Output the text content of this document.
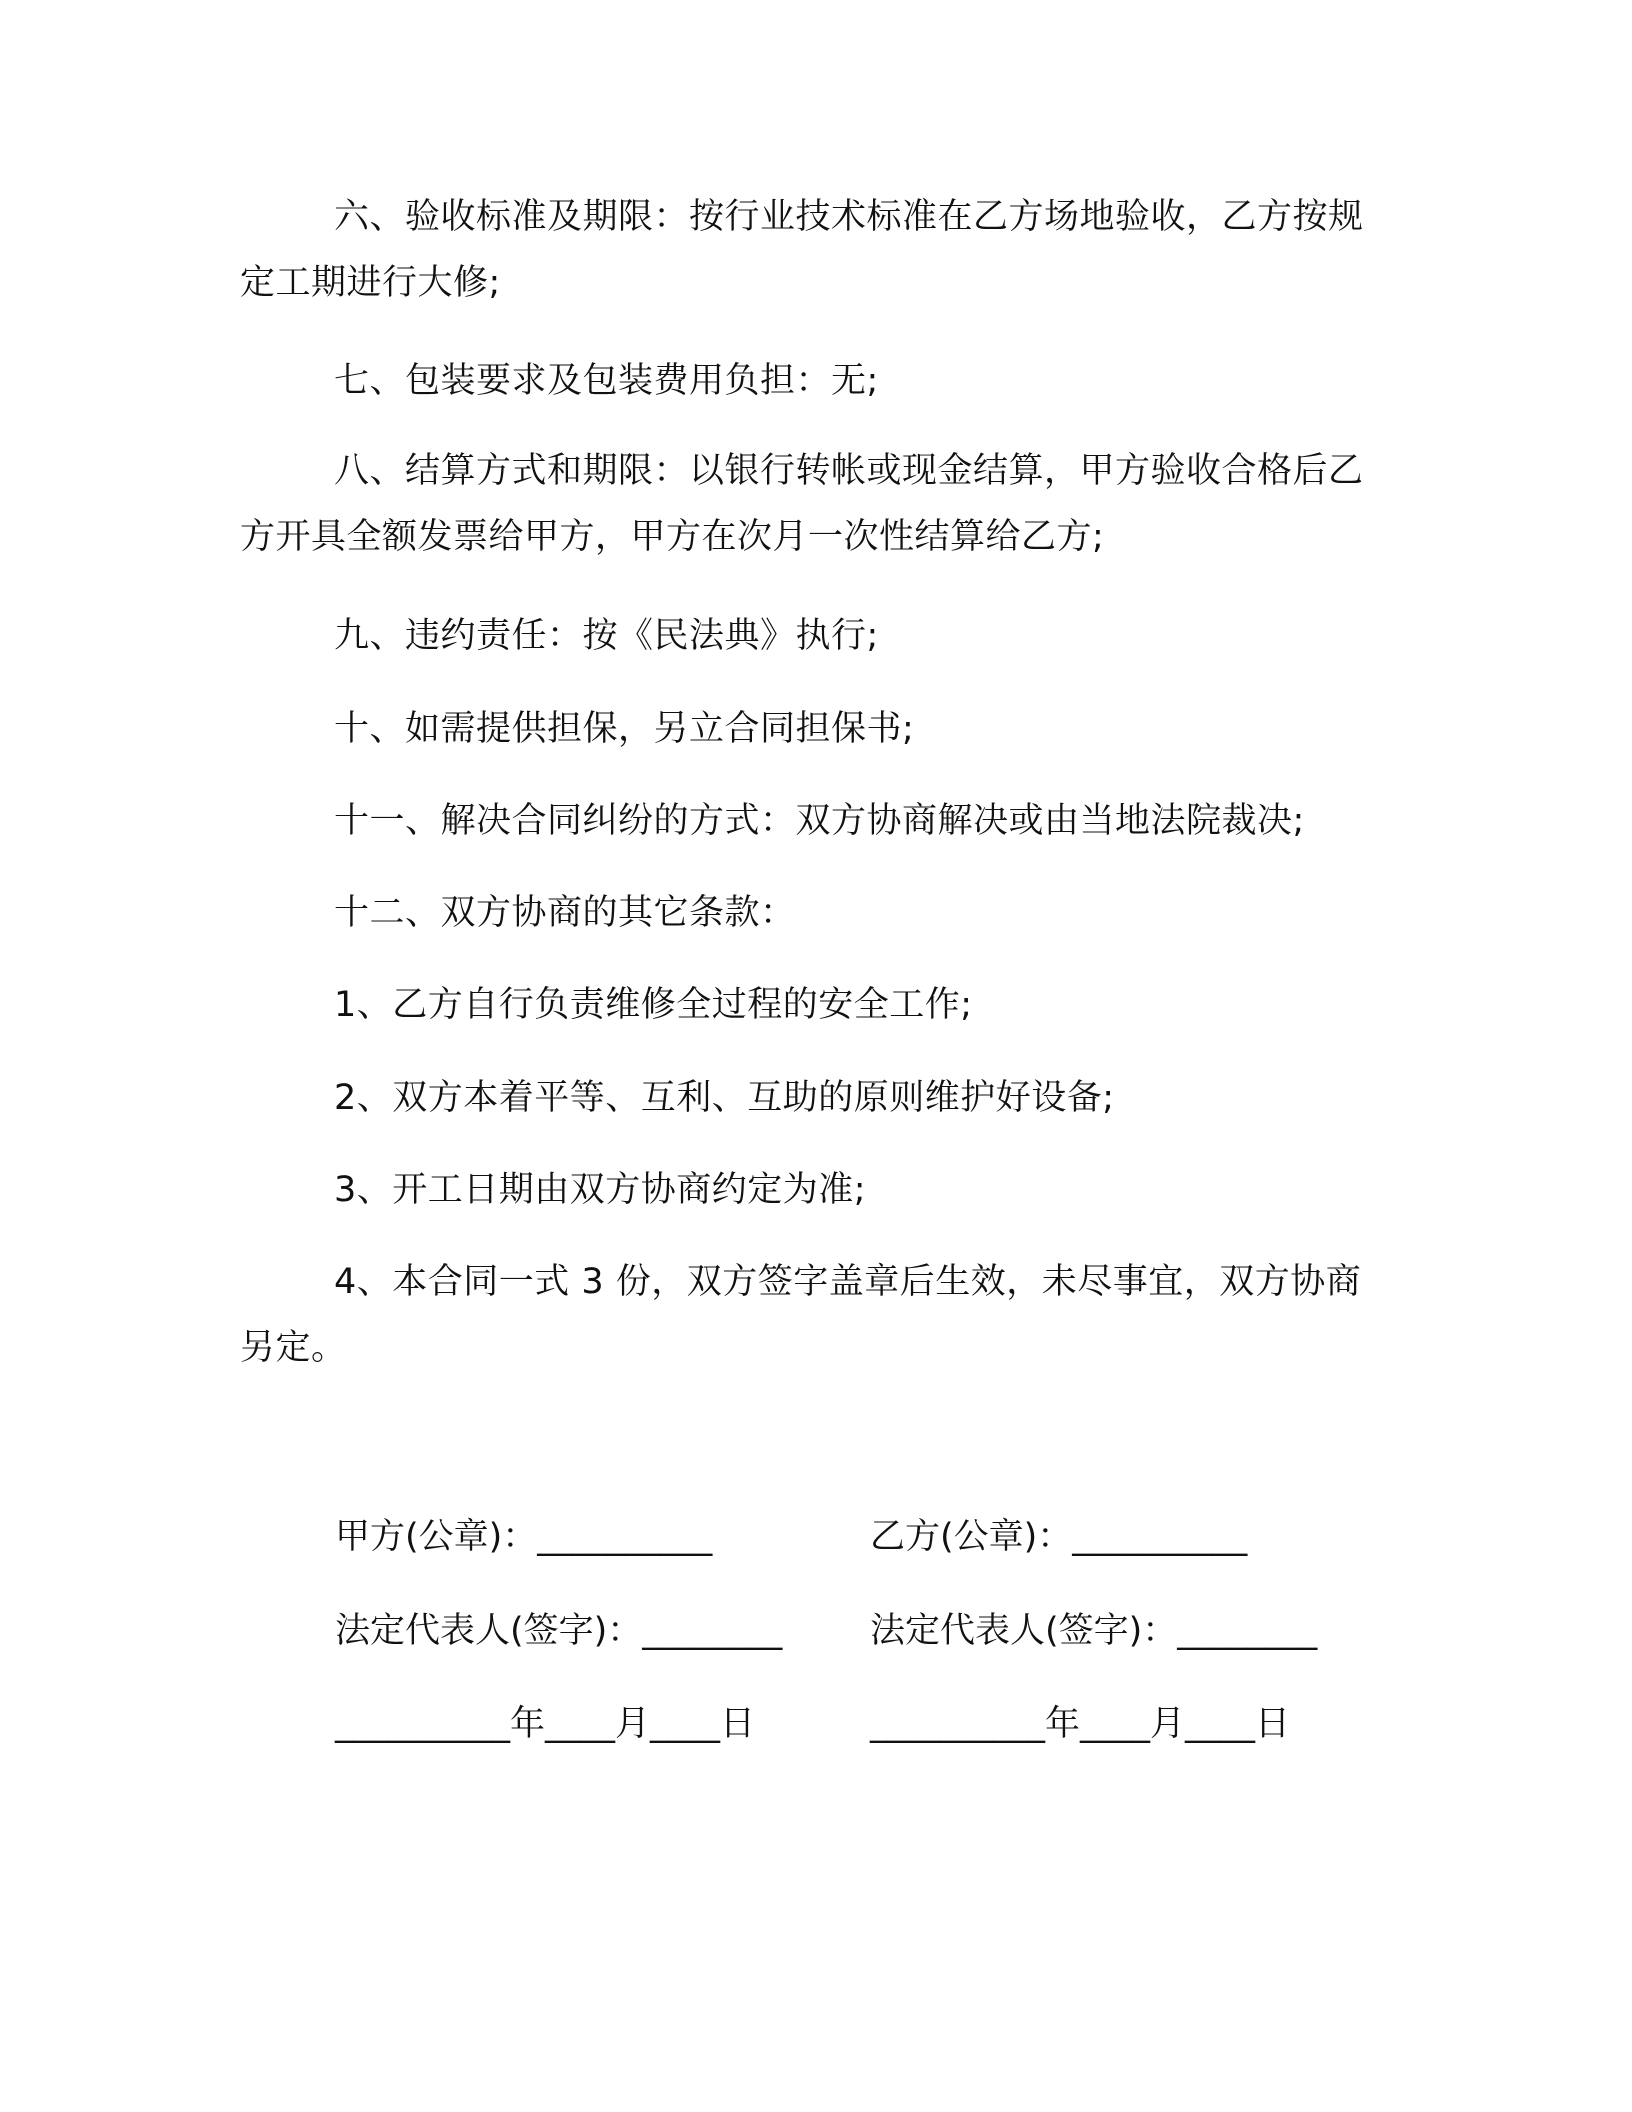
六、验收标准及期限：按行业技术标准在乙方场地验收，乙方按规定工期进行大修;
七、包装要求及包装费用负担：无;
八、结算方式和期限：以银行转帐或现金结算，甲方验收合格后乙方开具全额发票给甲方，甲方在次月一次性结算给乙方;
九、违约责任：按《民法典》执行;
十、如需提供担保，另立合同担保书;
十一、解决合同纠纷的方式：双方协商解决或由当地法院裁决;
十二、双方协商的其它条款：
1、乙方自行负责维修全过程的安全工作;
2、双方本着平等、互利、互助的原则维护好设备;
3、开工日期由双方协商约定为准;
4、本合同一式 3 份，双方签字盖章后生效，未尽事宜，双方协商另定。
甲方(公章)：__________	乙方(公章)：__________
法定代表人(签字)：________	法定代表人(签字)：________
__________年____月____日	__________年____月____日
